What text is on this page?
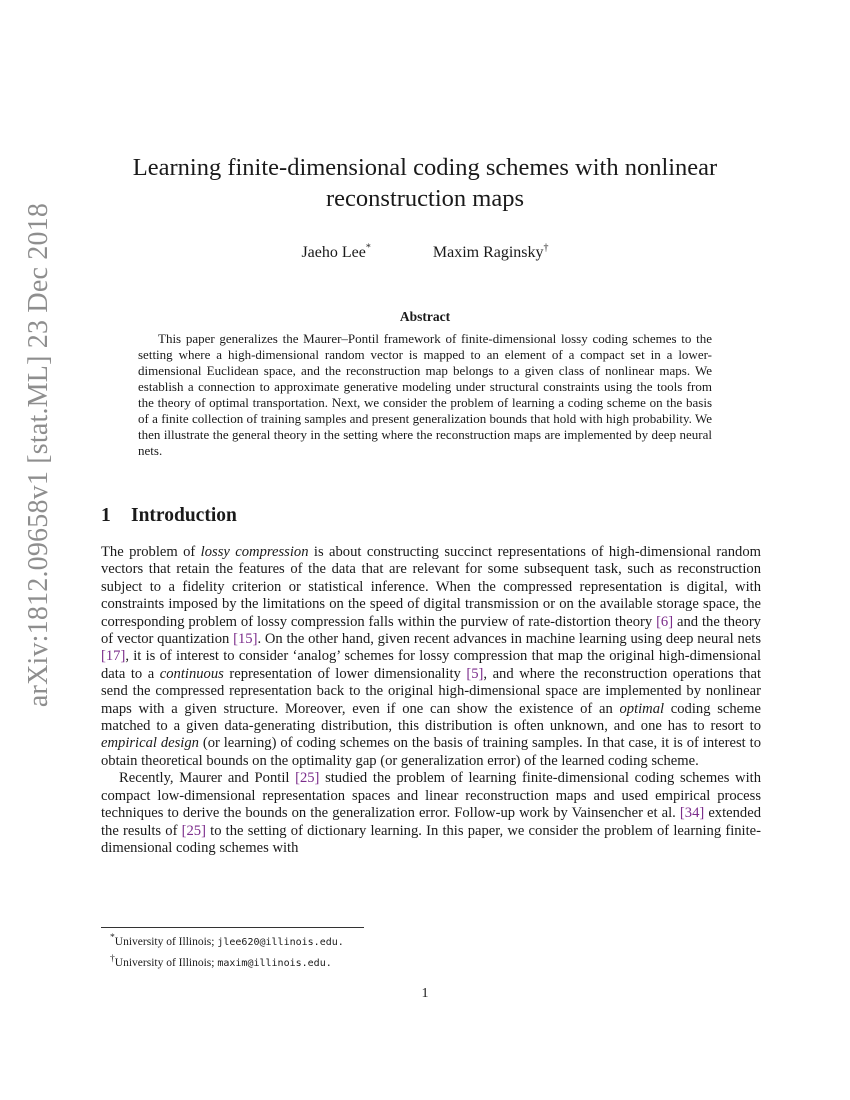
arXiv:1812.09658v1 [stat.ML] 23 Dec 2018
Learning finite-dimensional coding schemes with nonlinear
reconstruction maps
Jaeho Lee*	Maxim Raginsky†
Abstract

This paper generalizes the Maurer–Pontil framework of finite-dimensional lossy coding schemes to the setting where a high-dimensional random vector is mapped to an element of a compact set in a lower-dimensional Euclidean space, and the reconstruction map belongs to a given class of nonlinear maps. We establish a connection to approximate generative modeling under structural constraints using the tools from the theory of optimal transportation. Next, we consider the problem of learning a coding scheme on the basis of a finite collection of training samples and present generalization bounds that hold with high probability. We then illustrate the general theory in the setting where the reconstruction maps are implemented by deep neural nets.

1 Introduction

The problem of lossy compression is about constructing succinct representations of high-dimensional random vectors that retain the features of the data that are relevant for some subsequent task, such as reconstruction subject to a fidelity criterion or statistical inference. When the compressed representation is digital, with constraints imposed by the limitations on the speed of digital transmission or on the available storage space, the corresponding problem of lossy compression falls within the purview of rate-distortion theory [6] and the theory of vector quantization [15]. On the other hand, given recent advances in machine learning using deep neural nets [17], it is of interest to consider ‘analog’ schemes for lossy compression that map the original high-dimensional data to a continuous representation of lower dimensionality [5], and where the reconstruction operations that send the compressed representation back to the original high-dimensional space are implemented by nonlinear maps with a given structure. Moreover, even if one can show the existence of an optimal coding scheme matched to a given data-generating distribution, this distribution is often unknown, and one has to resort to empirical design (or learning) of coding schemes on the basis of training samples. In that case, it is of interest to obtain theoretical bounds on the optimality gap (or generalization error) of the learned coding scheme.

Recently, Maurer and Pontil [25] studied the problem of learning finite-dimensional coding schemes with compact low-dimensional representation spaces and linear reconstruction maps and used empirical process techniques to derive the bounds on the generalization error. Follow-up work by Vainsencher et al. [34] extended the results of [25] to the setting of dictionary learning. In this paper, we consider the problem of learning finite-dimensional coding schemes with

*University of Illinois; jlee620@illinois.edu.
†University of Illinois; maxim@illinois.edu.
1
